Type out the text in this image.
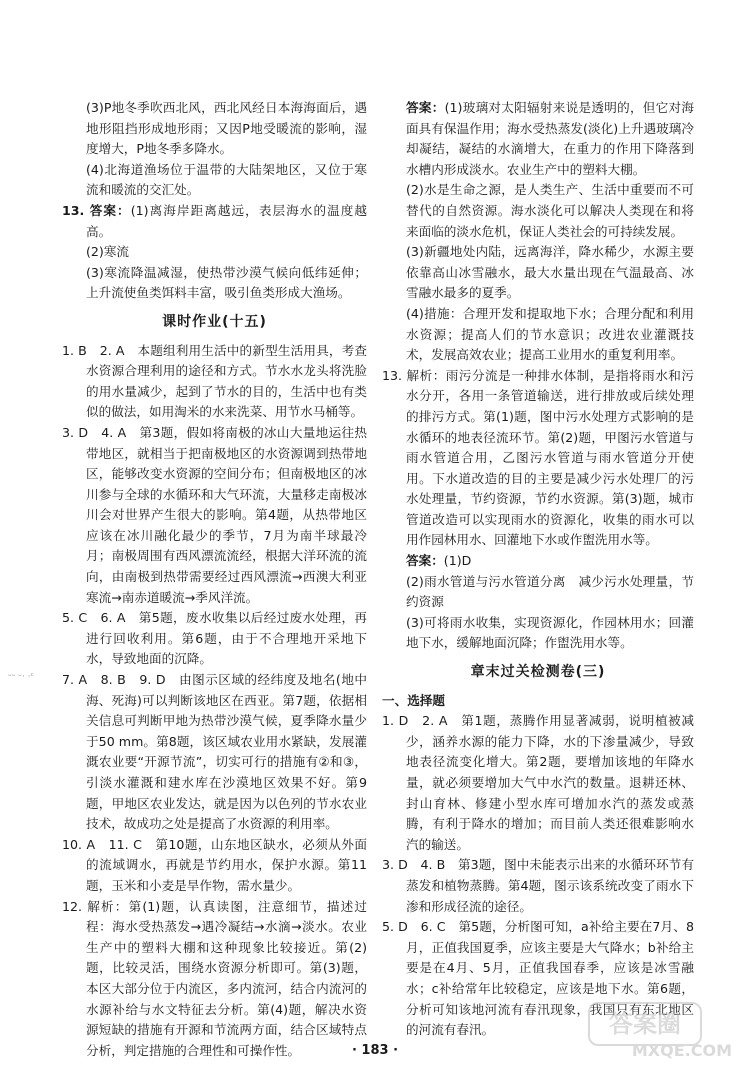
(3)P地冬季吹西北风，西北风经日本海海面后，遇地形阻挡形成地形雨；又因P地受暖流的影响，湿度增大，P地冬季多降水。

(4)北海道渔场位于温带的大陆架地区，又位于寒流和暖流的交汇处。

13. 答案：(1)离海岸距离越远，表层海水的温度越高。

(2)寒流

(3)寒流降温减湿，使热带沙漠气候向低纬延伸；上升流使鱼类饵料丰富，吸引鱼类形成大渔场。

课时作业(十五)

1. B　2. A　本题组利用生活中的新型生活用具，考查水资源合理利用的途径和方式。节水水龙头将洗脸的用水量减少，起到了节水的目的，生活中也有类似的做法，如用淘米的水来洗菜、用节水马桶等。

3. D　4. A　第3题，假如将南极的冰山大量地运往热带地区，就相当于把南极地区的水资源调到热带地区，能够改变水资源的空间分布；但南极地区的冰川参与全球的水循环和大气环流，大量移走南极冰川会对世界产生很大的影响。第4题，从热带地区应该在冰川融化最少的季节，7月为南半球最冷月；南极周围有西风漂流流经，根据大洋环流的流向，由南极到热带需要经过西风漂流→西澳大利亚寒流→南赤道暖流→季风洋流。

5. C　6. A　第5题，废水收集以后经过废水处理，再进行回收利用。第6题，由于不合理地开采地下水，导致地面的沉降。

7. A　8. B　9. D　由图示区域的经纬度及地名(地中海、死海)可以判断该地区在西亚。第7题，依据相关信息可判断甲地为热带沙漠气候，夏季降水量少于50 mm。第8题，该区域农业用水紧缺，发展灌溉农业要“开源节流”，切实可行的措施有②和③，引淡水灌溉和建水库在沙漠地区效果不好。第9题，甲地区农业发达，就是因为以色列的节水农业技术，故成功之处是提高了水资源的利用率。

10. A　11. C　第10题，山东地区缺水，必须从外面的流域调水，再就是节约用水，保护水源。第11题，玉米和小麦是旱作物，需水量少。

12. 解析：第(1)题，认真读图，注意细节，描述过程：海水受热蒸发→遇冷凝结→水滴→淡水。农业生产中的塑料大棚和这种现象比较接近。第(2)题，比较灵活，围绕水资源分析即可。第(3)题，本区大部分位于内流区，多内流河，结合内流河的水源补给与水文特征去分析。第(4)题，解决水资源短缺的措施有开源和节流两方面，结合区域特点分析，判定措施的合理性和可操作性。

答案：(1)玻璃对太阳辐射来说是透明的，但它对海面具有保温作用；海水受热蒸发(淡化)上升遇玻璃冷却凝结，凝结的水滴增大，在重力的作用下降落到水槽内形成淡水。农业生产中的塑料大棚。

(2)水是生命之源，是人类生产、生活中重要而不可替代的自然资源。海水淡化可以解决人类现在和将来面临的淡水危机，保证人类社会的可持续发展。

(3)新疆地处内陆，远离海洋，降水稀少，水源主要依靠高山冰雪融水，最大水量出现在气温最高、冰雪融水最多的夏季。

(4)措施：合理开发和提取地下水；合理分配和利用水资源；提高人们的节水意识；改进农业灌溉技术，发展高效农业；提高工业用水的重复利用率。

13. 解析：雨污分流是一种排水体制，是指将雨水和污水分开，各用一条管道输送，进行排放或后续处理的排污方式。第(1)题，图中污水处理方式影响的是水循环的地表径流环节。第(2)题，甲图污水管道与雨水管道合用，乙图污水管道与雨水管道分开使用。下水道改造的目的主要是减少污水处理厂的污水处理量，节约资源，节约水资源。第(3)题，城市管道改造可以实现雨水的资源化，收集的雨水可以用作园林用水、回灌地下水或作盥洗用水等。

答案：(1)D

(2)雨水管道与污水管道分离　减少污水处理量，节约资源

(3)可将雨水收集，实现资源化，作园林用水；回灌地下水，缓解地面沉降；作盥洗用水等。

章末过关检测卷(三)

一、选择题

1. D　2. A　第1题，蒸腾作用显著减弱，说明植被减少，涵养水源的能力下降，水的下渗量减少，导致地表径流变化增大。第2题，要增加该地的年降水量，就必须要增加大气中水汽的数量。退耕还林、封山育林、修建小型水库可增加水汽的蒸发或蒸腾，有利于降水的增加；而目前人类还很难影响水汽的输送。

3. D　4. B　第3题，图中未能表示出来的水循环环节有蒸发和植物蒸腾。第4题，图示该系统改变了雨水下渗和形成径流的途径。

5. D　6. C　第5题，分析图可知，a补给主要在7月、8月，正值我国夏季，应该主要是大气降水；b补给主要是在4月、5月，正值我国春季，应该是冰雪融水；c补给常年比较稳定，应该是地下水。第6题，分析可知该地河流有春汛现象，我国只有东北地区的河流有春汛。

ᵕᵕ ᵕ· ·ᶜ
· 183 ·
答案圈
MXQE.COM
